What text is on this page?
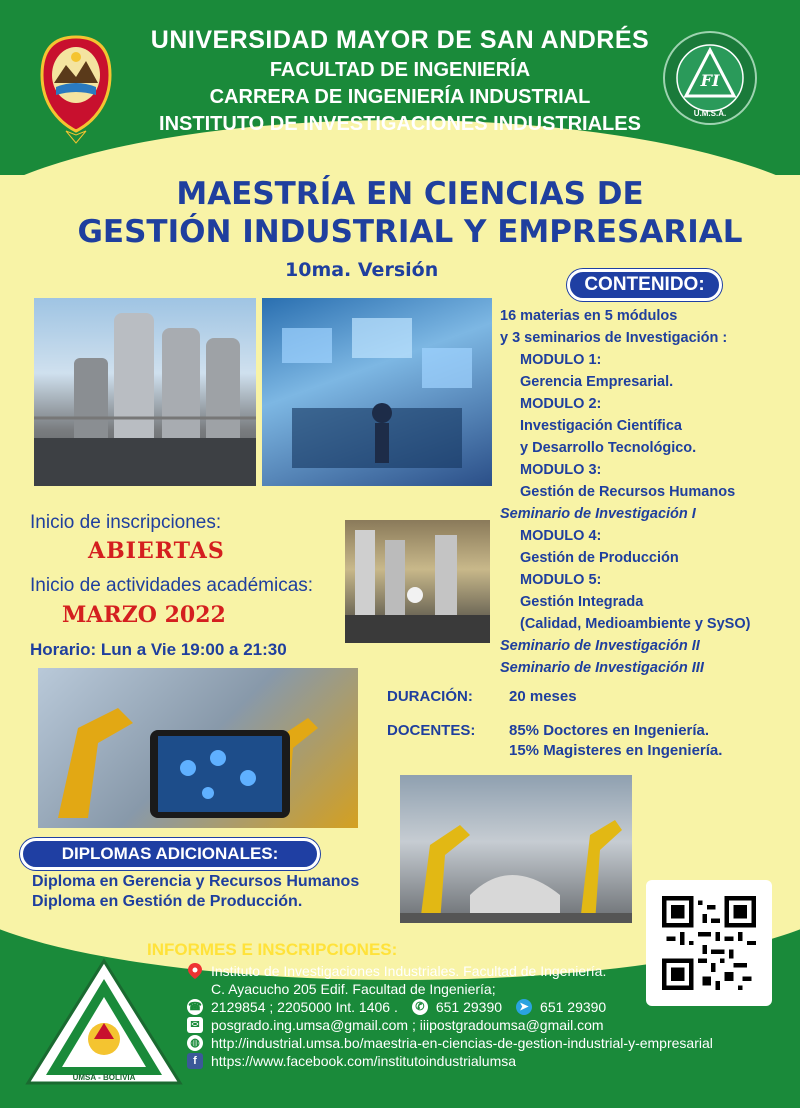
UNIVERSIDAD MAYOR DE SAN ANDRÉS
FACULTAD DE INGENIERÍA
CARRERA DE INGENIERÍA INDUSTRIAL
INSTITUTO DE INVESTIGACIONES INDUSTRIALES
FI
U.M.S.A.
MAESTRÍA EN CIENCIAS DE
GESTIÓN INDUSTRIAL Y EMPRESARIAL
10ma. Versión
CONTENIDO:
16 materias en 5 módulos
y 3 seminarios de Investigación :
MODULO 1:
Gerencia Empresarial.
MODULO 2:
Investigación Científica
y Desarrollo Tecnológico.
MODULO 3:
Gestión de Recursos Humanos
Seminario de Investigación I
MODULO 4:
Gestión de Producción
MODULO 5:
Gestión Integrada
(Calidad, Medioambiente y SySO)
Seminario de Investigación II
Seminario de Investigación III
Inicio de inscripciones:
ABIERTAS
Inicio de actividades académicas:
MARZO 2022
Horario: Lun a Vie 19:00 a 21:30
DURACIÓN: 20 meses
DOCENTES: 85% Doctores en Ingeniería.
15% Magisteres en Ingeniería.
DIPLOMAS ADICIONALES:
Diploma en Gerencia y Recursos Humanos
Diploma en Gestión de Producción.
INFORMES E INSCRIPCIONES:
Instituto de Investigaciones Industriales. Facultad de Ingeniería.
C. Ayacucho 205 Edif. Facultad de Ingeniería;
☎ 2129854 ; 2205000 Int. 1406 .	✆ 651 29390	➤ 651 29390
✉ posgrado.ing.umsa@gmail.com ; iiipostgradoumsa@gmail.com
◍ http://industrial.umsa.bo/maestria-en-ciencias-de-gestion-industrial-y-empresarial
f	https://www.facebook.com/institutoindustrialumsa
UMSA - BOLIVIA
